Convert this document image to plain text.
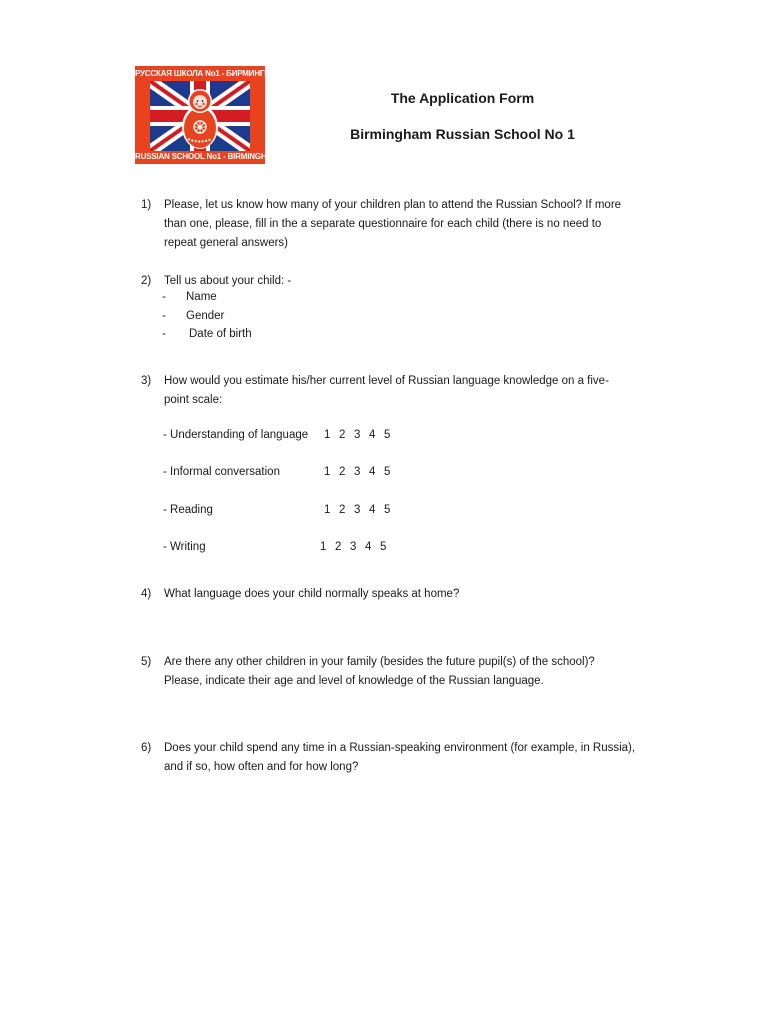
РУССКАЯ ШКОЛА No1 - БИРМИНГЕМ
RUSSIAN SCHOOL No1 - BIRMINGHAM
The Application Form
Birmingham Russian School No 1
1)	Please, let us know how many of your children plan to attend the Russian School? If more
than one, please, fill in the a separate questionnaire for each child (there is no need to
repeat general answers)
2)	Tell us about your child: -
- Name
- Gender
- Date of birth
3)	How would you estimate his/her current level of Russian language knowledge on a five-
point scale:
- Understanding of language 1 2 3 4 5
- Informal conversation	1 2 3 4 5
- Reading	1 2 3 4 5
- Writing	1 2 3 4 5
4)	What language does your child normally speaks at home?
5)	Are there any other children in your family (besides the future pupil(s) of the school)?
Please, indicate their age and level of knowledge of the Russian language.
6)	Does your child spend any time in a Russian-speaking environment (for example, in Russia),
and if so, how often and for how long?
